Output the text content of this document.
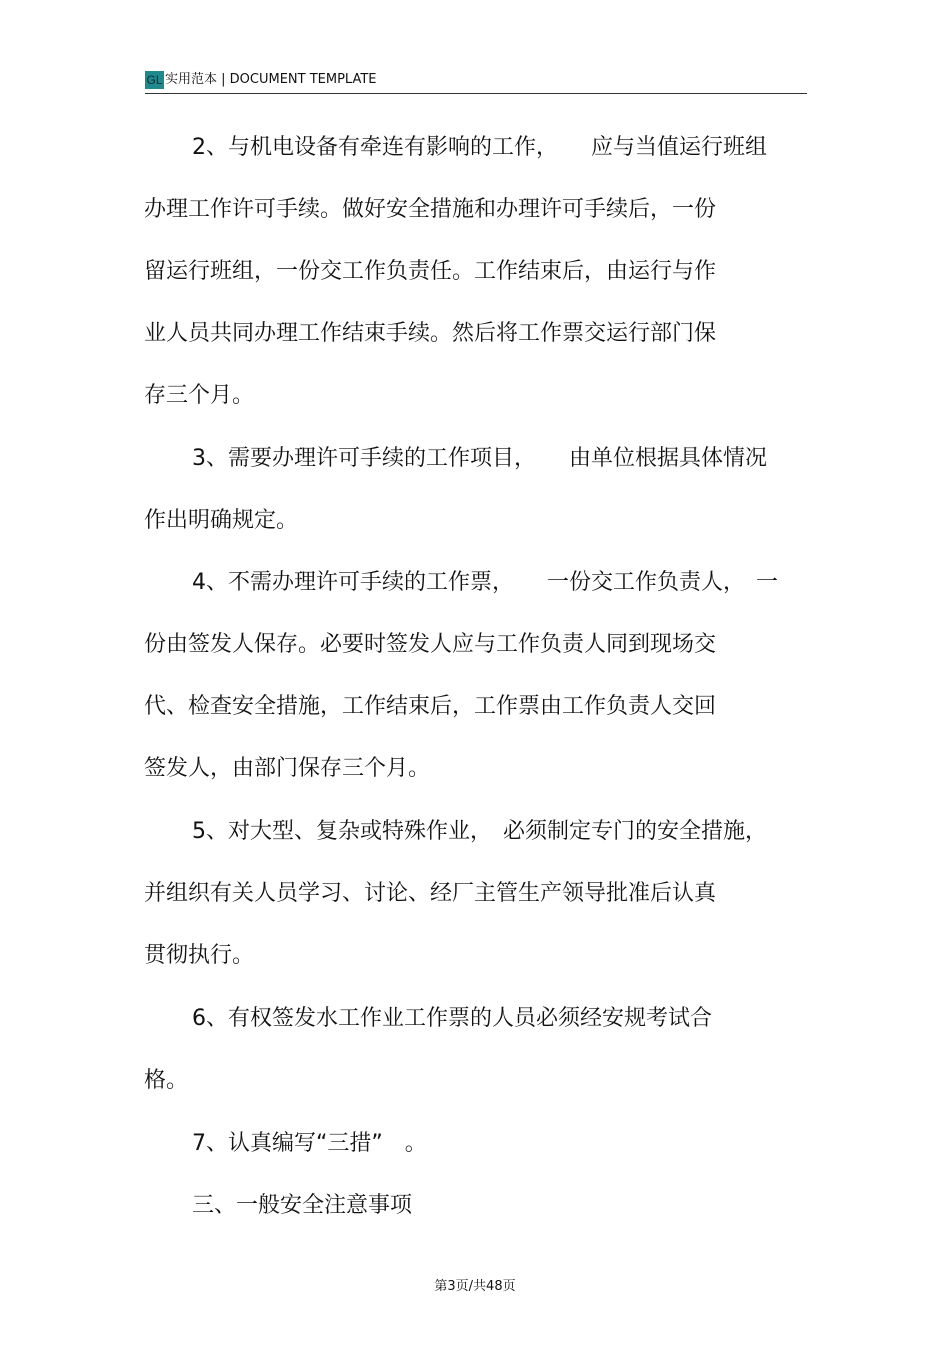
GL 实用范本 | DOCUMENT TEMPLATE
2、与机电设备有牵连有影响的工作，　　应与当值运行班组
办理工作许可手续。做好安全措施和办理许可手续后，一份
留运行班组，一份交工作负责任。工作结束后，由运行与作
业人员共同办理工作结束手续。然后将工作票交运行部门保
存三个月。
3、需要办理许可手续的工作项目，　　由单位根据具体情况
作出明确规定。
4、不需办理许可手续的工作票，　　一份交工作负责人，　一
份由签发人保存。必要时签发人应与工作负责人同到现场交
代、检查安全措施，工作结束后，工作票由工作负责人交回
签发人，由部门保存三个月。
5、对大型、复杂或特殊作业，　必须制定专门的安全措施，
并组织有关人员学习、讨论、经厂主管生产领导批准后认真
贯彻执行。
6、有权签发水工作业工作票的人员必须经安规考试合
格。
7、认真编写“三措”　。
三、一般安全注意事项
第3页/共48页
